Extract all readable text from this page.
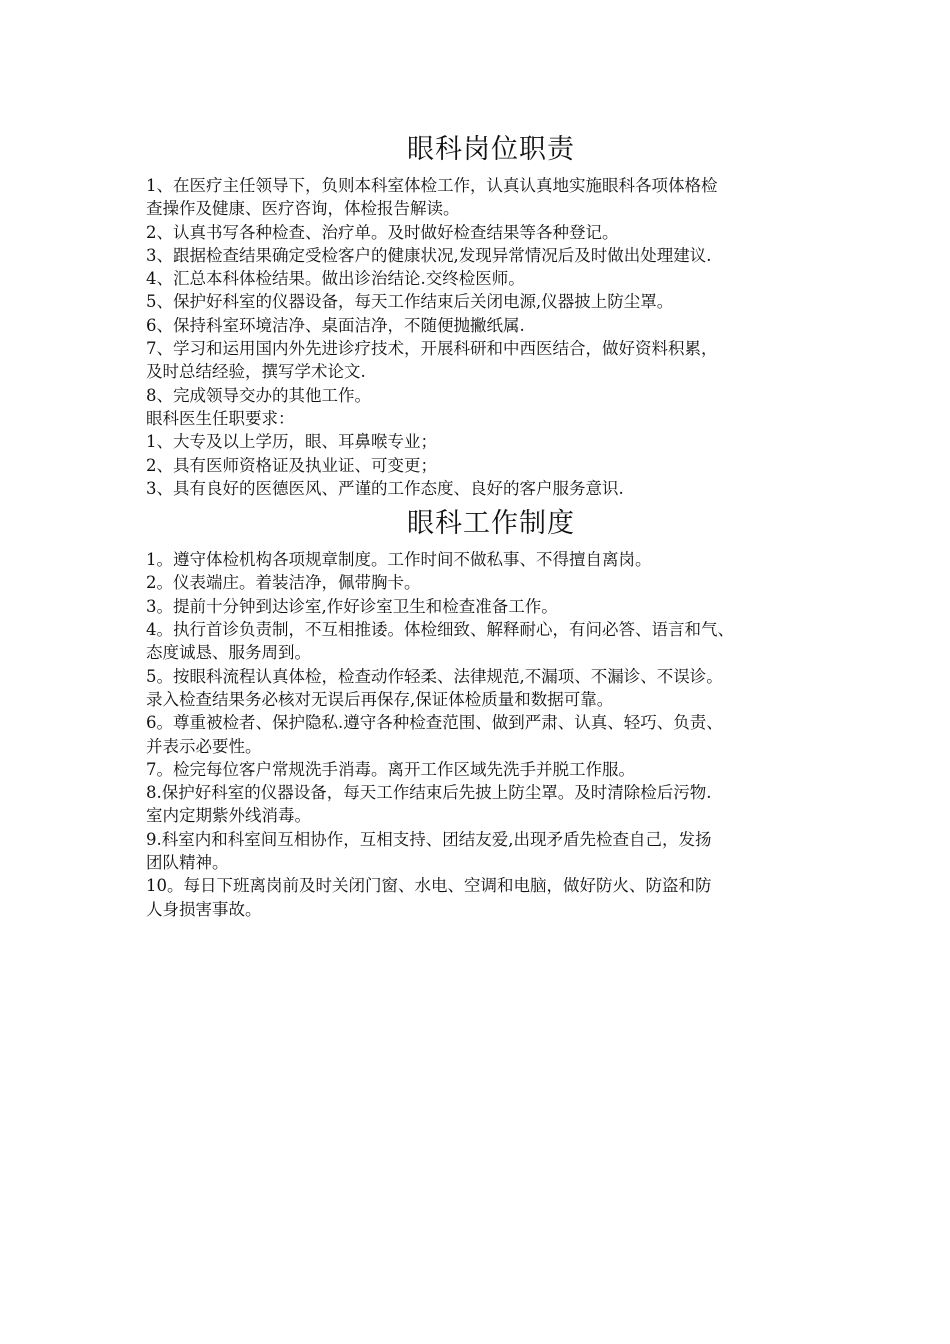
眼科岗位职责

1、在医疗主任领导下，负则本科室体检工作，认真认真地实施眼科各项体格检

查操作及健康、医疗咨询，体检报告解读。

2、认真书写各种检查、治疗单。及时做好检查结果等各种登记。

3、跟据检查结果确定受检客户的健康状况,发现异常情况后及时做出处理建议.

4、汇总本科体检结果。做出诊治结论.交终检医师。

5、保护好科室的仪器设备，每天工作结束后关闭电源,仪器披上防尘罩。

6、保持科室环境洁净、桌面洁净，不随便抛撇纸属.

7、学习和运用国内外先进诊疗技术，开展科研和中西医结合，做好资料积累，

及时总结经验，撰写学术论文.

8、完成领导交办的其他工作。

眼科医生任职要求：

1、大专及以上学历，眼、耳鼻喉专业；

2、具有医师资格证及执业证、可变更；

3、具有良好的医德医风、严谨的工作态度、良好的客户服务意识.

眼科工作制度

1。遵守体检机构各项规章制度。工作时间不做私事、不得擅自离岗。

2。仪表端庄。着装洁净，佩带胸卡。

3。提前十分钟到达诊室,作好诊室卫生和检查准备工作。

4。执行首诊负责制，不互相推诿。体检细致、解释耐心，有问必答、语言和气、

态度诚恳、服务周到。

5。按眼科流程认真体检，检查动作轻柔、法律规范,不漏项、不漏诊、不误诊。

录入检查结果务必核对无误后再保存,保证体检质量和数据可靠。

6。尊重被检者、保护隐私.遵守各种检查范围、做到严肃、认真、轻巧、负责、

并表示必要性。

7。检完每位客户常规洗手消毒。离开工作区域先洗手并脱工作服。

8.保护好科室的仪器设备，每天工作结束后先披上防尘罩。及时清除检后污物.

室内定期紫外线消毒。

9.科室内和科室间互相协作，互相支持、团结友爱,出现矛盾先检查自己，发扬

团队精神。

10。每日下班离岗前及时关闭门窗、水电、空调和电脑，做好防火、防盗和防

人身损害事故。
